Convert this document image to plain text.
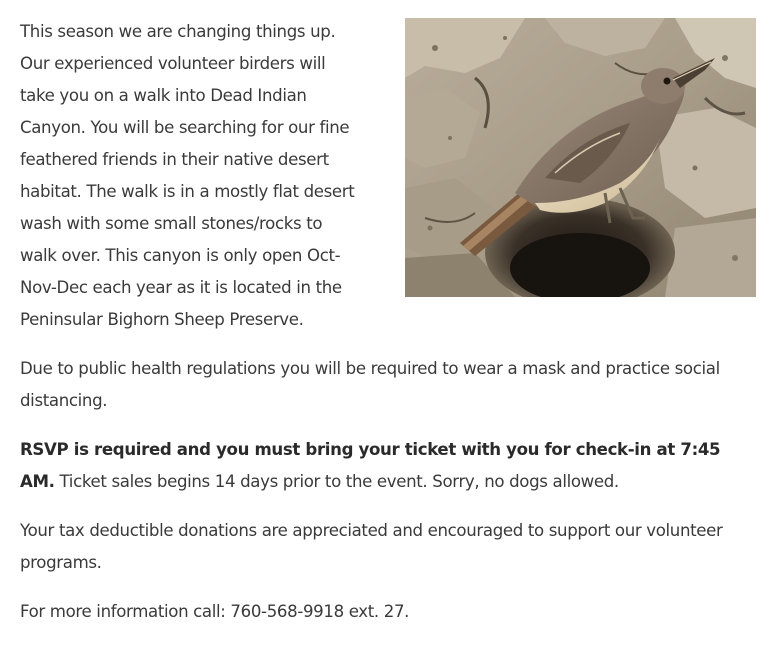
This season we are changing things up.
Our experienced volunteer birders will
take you on a walk into Dead Indian
Canyon. You will be searching for our fine
feathered friends in their native desert
habitat. The walk is in a mostly flat desert
wash with some small stones/rocks to
walk over. This canyon is only open Oct-
Nov-Dec each year as it is located in the
Peninsular Bighorn Sheep Preserve.

Due to public health regulations you will be required to wear a mask and practice social
distancing.

RSVP is required and you must bring your ticket with you for check-in at 7:45
AM. Ticket sales begins 14 days prior to the event. Sorry, no dogs allowed.

Your tax deductible donations are appreciated and encouraged to support our volunteer
programs.

For more information call: 760-568-9918 ext. 27.
